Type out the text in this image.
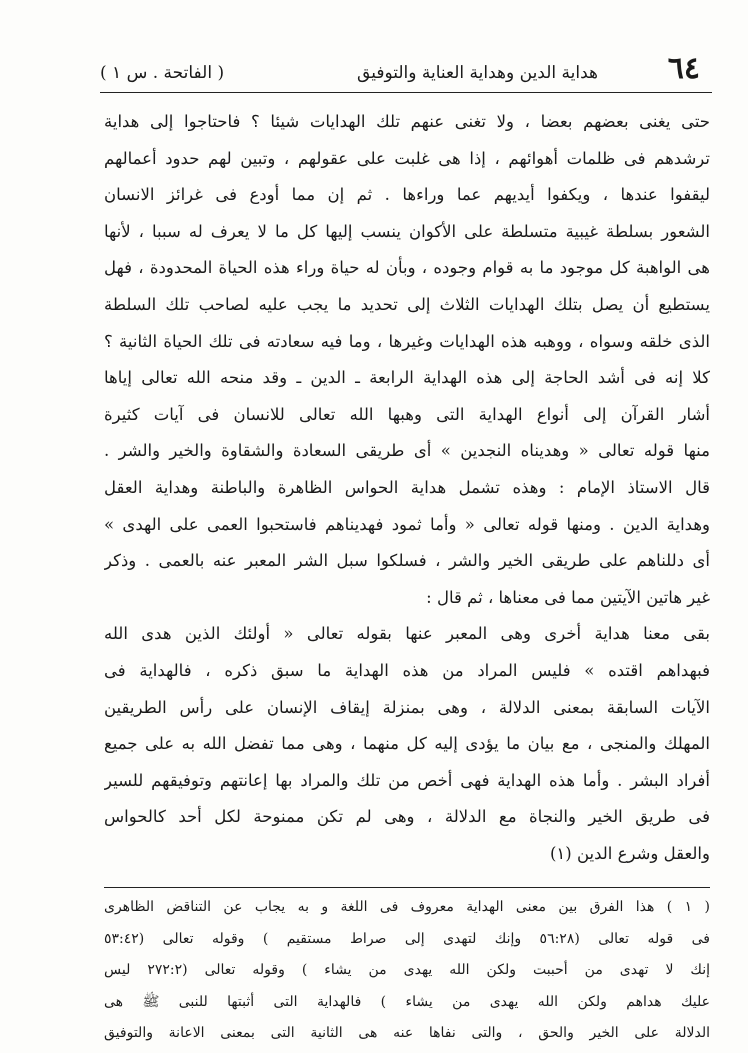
٦٤
هداية الدين وهداية العناية والتوفيق
( الفاتحة . س ١ )
حتى يغنى بعضهم بعضا ، ولا تغنى عنهم تلك الهدايات شيئا ؟ فاحتاجوا إلى هداية
ترشدهم فى ظلمات أهوائهم ، إذا هى غلبت على عقولهم ، وتبين لهم حدود أعمالهم
ليقفوا عندها ، ويكفوا أيديهم عما وراءها . ثم إن مما أودع فى غرائز الانسان
الشعور بسلطة غيبية متسلطة على الأكوان ينسب إليها كل ما لا يعرف له سببا ، لأنها
هى الواهبة كل موجود ما به قوام وجوده ، وبأن له حياة وراء هذه الحياة المحدودة ، فهل
يستطيع أن يصل بتلك الهدايات الثلاث إلى تحديد ما يجب عليه لصاحب تلك السلطة
الذى خلقه وسواه ، ووهبه هذه الهدايات وغيرها ، وما فيه سعادته فى تلك الحياة الثانية ؟
كلا إنه فى أشد الحاجة إلى هذه الهداية الرابعة ـ الدين ـ وقد منحه الله تعالى إياها
أشار القرآن إلى أنواع الهداية التى وهبها الله تعالى للانسان فى آيات كثيرة
منها قوله تعالى « وهديناه النجدين » أى طريقى السعادة والشقاوة والخير والشر .
قال الاستاذ الإمام : وهذه تشمل هداية الحواس الظاهرة والباطنة وهداية العقل
وهداية الدين . ومنها قوله تعالى « وأما ثمود فهديناهم فاستحبوا العمى على الهدى »
أى دللناهم على طريقى الخير والشر ، فسلكوا سبل الشر المعبر عنه بالعمى . وذكر
غير هاتين الآيتين مما فى معناها ، ثم قال :
بقى معنا هداية أخرى وهى المعبر عنها بقوله تعالى « أولئك الذين هدى الله
فبهداهم اقتده » فليس المراد من هذه الهداية ما سبق ذكره ، فالهداية فى
الآيات السابقة بمعنى الدلالة ، وهى بمنزلة إيقاف الإنسان على رأس الطريقين
المهلك والمنجى ، مع بيان ما يؤدى إليه كل منهما ، وهى مما تفضل الله به على جميع
أفراد البشر . وأما هذه الهداية فهى أخص من تلك والمراد بها إعانتهم وتوفيقهم للسير
فى طريق الخير والنجاة مع الدلالة ، وهى لم تكن ممنوحة لكل أحد كالحواس
والعقل وشرع الدين (١)
( ١ ) هذا الفرق بين معنى الهداية معروف فى اللغة و به يجاب عن التناقض الظاهرى
فى قوله تعالى (٥٦:٢٨ وإنك لتهدى إلى صراط مستقيم ) وقوله تعالى (٥٣:٤٢
إنك لا تهدى من أحببت ولكن الله يهدى من يشاء ) وقوله تعالى (٢٧٢:٢ ليس
عليك هداهم ولكن الله يهدى من يشاء ) فالهداية التى أثبتها للنبى ﷺ هى
الدلالة على الخير والحق ، والتى نفاها عنه هى الثانية التى بمعنى الاعانة والتوفيق
